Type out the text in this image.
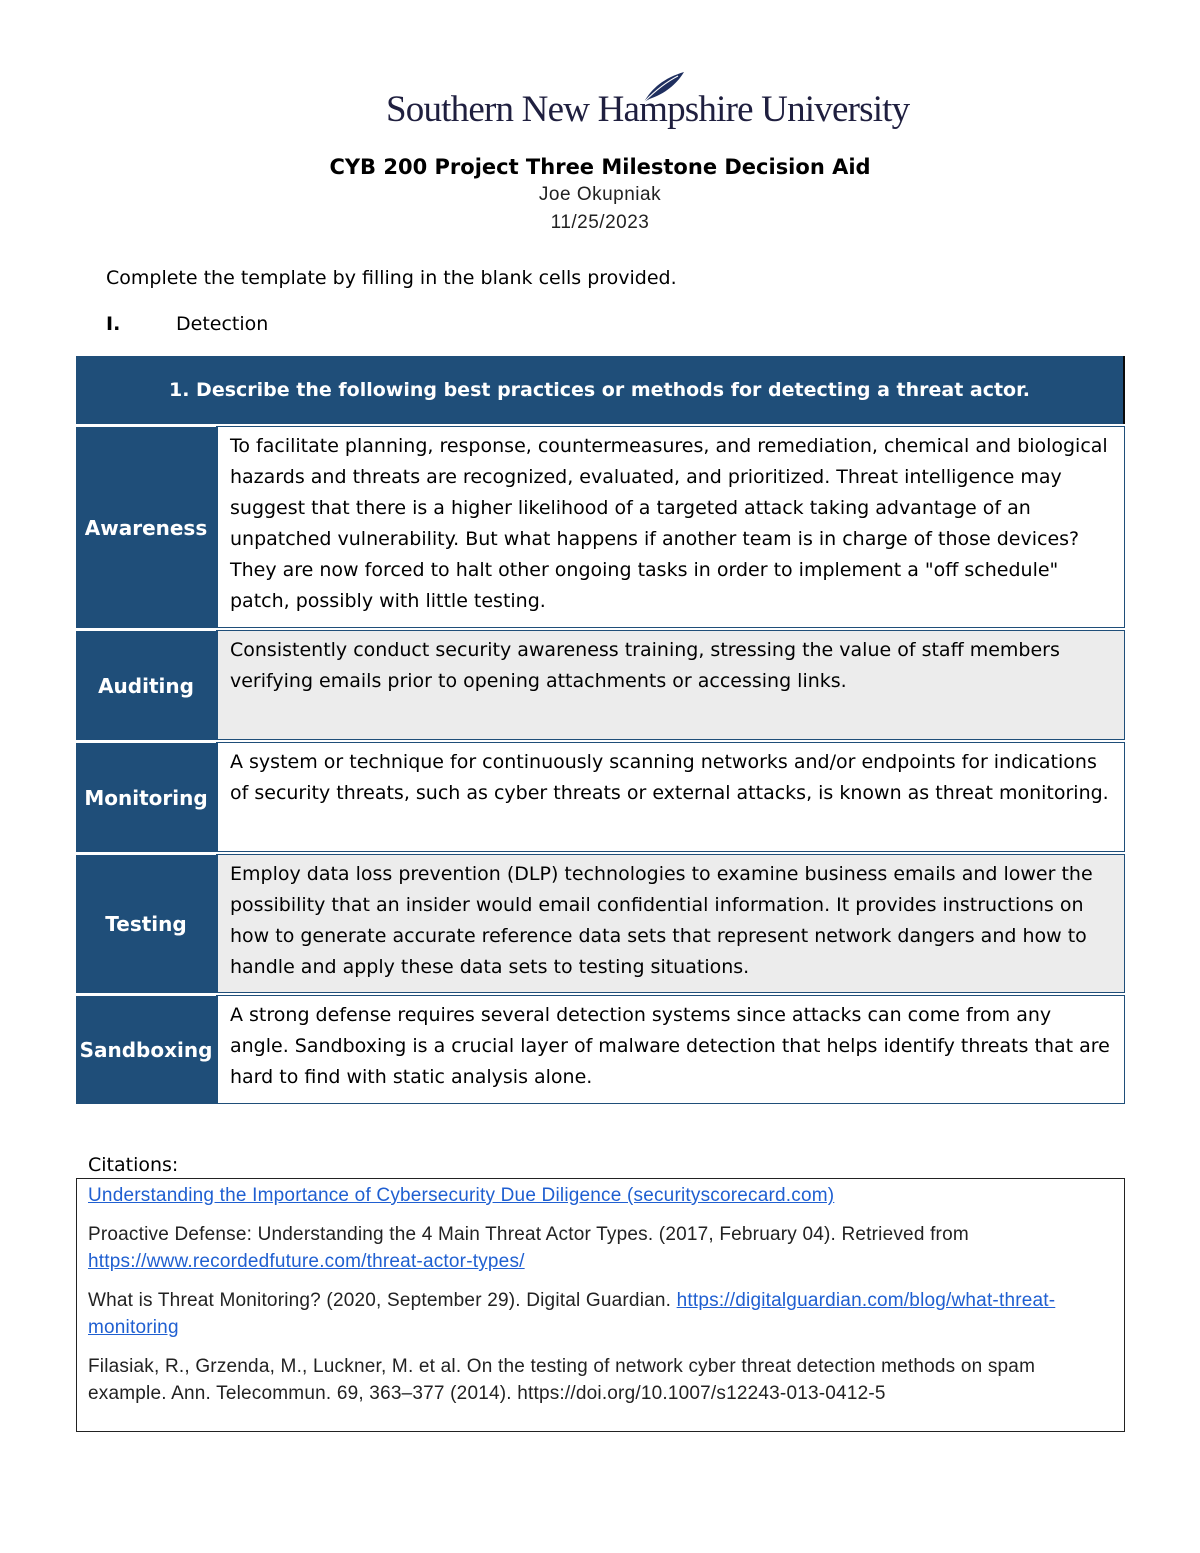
Southern New Hampshire University
CYB 200 Project Three Milestone Decision Aid
Joe Okupniak
11/25/2023
Complete the template by filling in the blank cells provided.
I.	Detection
1. Describe the following best practices or methods for detecting a threat actor.
Awareness
To facilitate planning, response, countermeasures, and remediation, chemical and biological hazards and threats are recognized, evaluated, and prioritized. Threat intelligence may suggest that there is a higher likelihood of a targeted attack taking advantage of an unpatched vulnerability. But what happens if another team is in charge of those devices? They are now forced to halt other ongoing tasks in order to implement a "off schedule" patch, possibly with little testing.
Auditing
Consistently conduct security awareness training, stressing the value of staff members verifying emails prior to opening attachments or accessing links.
Monitoring
A system or technique for continuously scanning networks and/or endpoints for indications of security threats, such as cyber threats or external attacks, is known as threat monitoring.
Testing
Employ data loss prevention (DLP) technologies to examine business emails and lower the possibility that an insider would email confidential information. It provides instructions on how to generate accurate reference data sets that represent network dangers and how to handle and apply these data sets to testing situations.
Sandboxing
A strong defense requires several detection systems since attacks can come from any angle. Sandboxing is a crucial layer of malware detection that helps identify threats that are hard to find with static analysis alone.
Citations:
Understanding the Importance of Cybersecurity Due Diligence (securityscorecard.com)
Proactive Defense: Understanding the 4 Main Threat Actor Types. (2017, February 04). Retrieved from https://www.recordedfuture.com/threat-actor-types/
What is Threat Monitoring? (2020, September 29). Digital Guardian. https://digitalguardian.com/blog/what-threat-monitoring
Filasiak, R., Grzenda, M., Luckner, M. et al. On the testing of network cyber threat detection methods on spam example. Ann. Telecommun. 69, 363–377 (2014). https://doi.org/10.1007/s12243-013-0412-5
